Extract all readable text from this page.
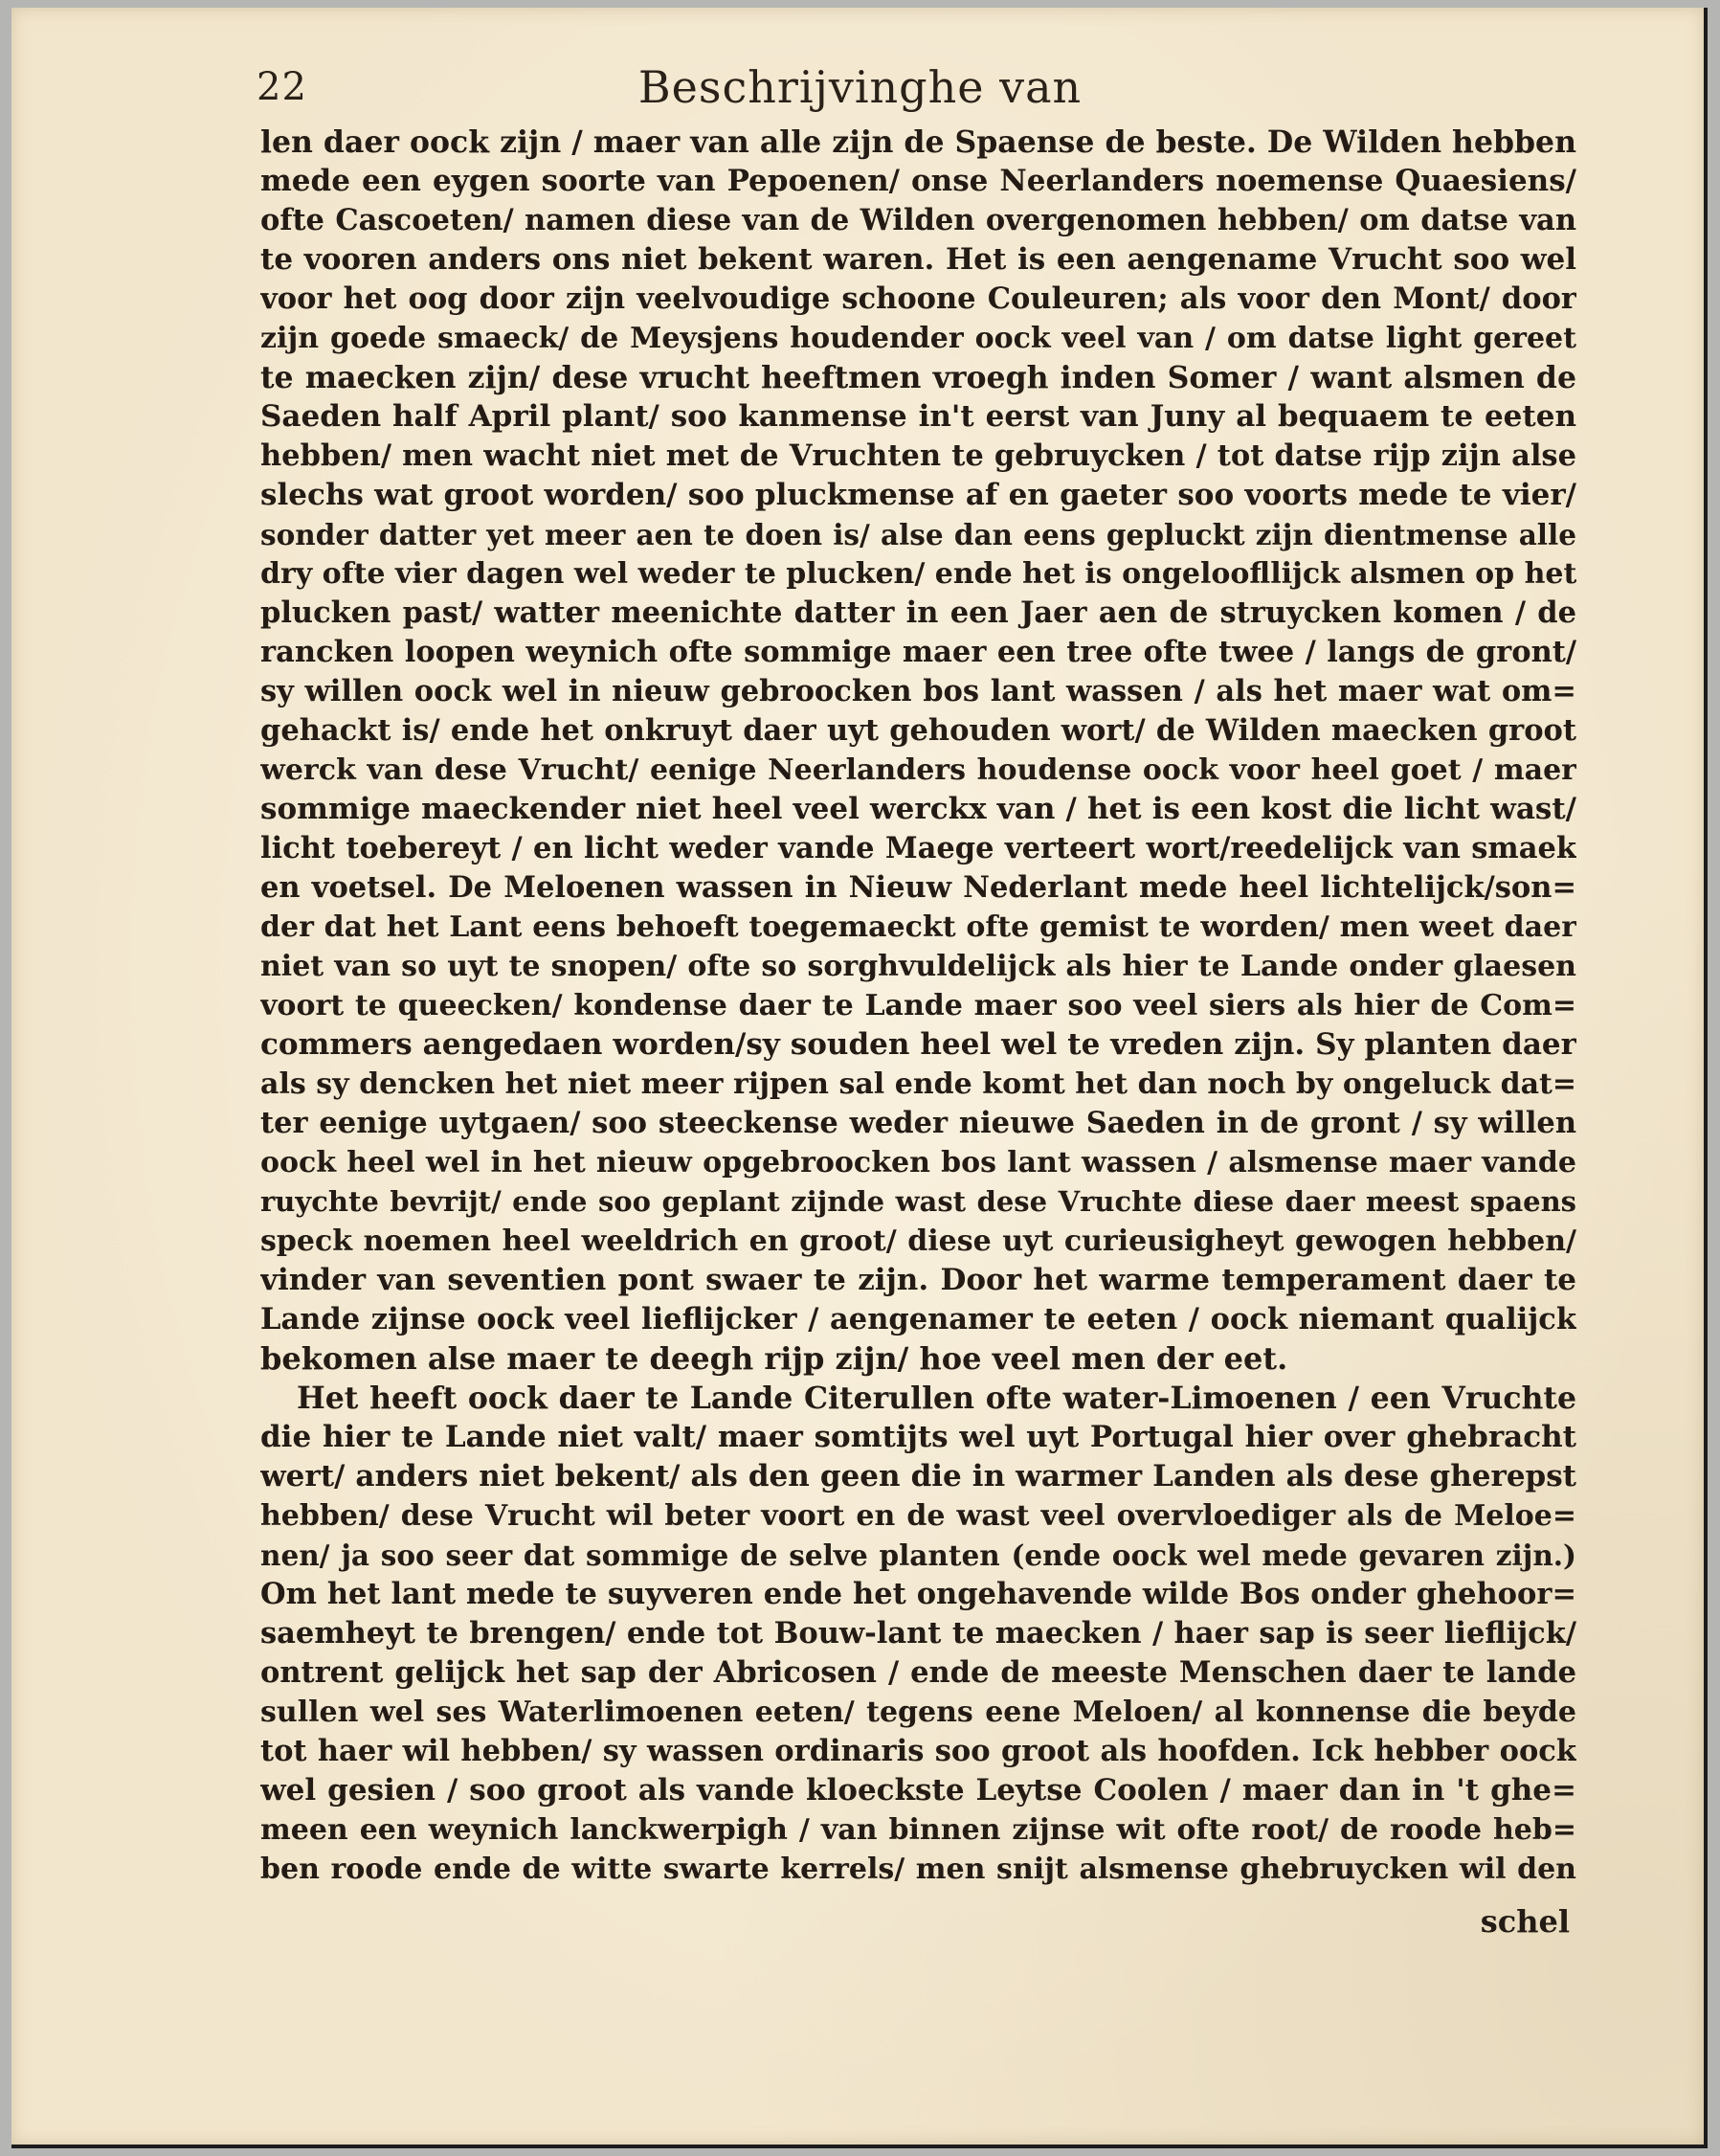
22	Beschrijvinghe van
len daer oock zijn / maer van alle zijn de Spaense de beste. De Wilden hebben
mede een eygen soorte van Pepoenen/ onse Neerlanders noemense Quaesiens/
ofte Cascoeten/ namen diese van de Wilden overgenomen hebben/ om datse van
te vooren anders ons niet bekent waren. Het is een aengename Vrucht soo wel
voor het oog door zijn veelvoudige schoone Couleuren; als voor den Mont/ door
zijn goede smaeck/ de Meysjens houdender oock veel van / om datse light gereet
te maecken zijn/ dese vrucht heeftmen vroegh inden Somer / want alsmen de
Saeden half April plant/ soo kanmense in't eerst van Juny al bequaem te eeten
hebben/ men wacht niet met de Vruchten te gebruycken / tot datse rijp zijn alse
slechs wat groot worden/ soo pluckmense af en gaeter soo voorts mede te vier/
sonder datter yet meer aen te doen is/ alse dan eens gepluckt zijn dientmense alle
dry ofte vier dagen wel weder te plucken/ ende het is ongeloofllijck alsmen op het
plucken past/ watter meenichte datter in een Jaer aen de struycken komen / de
rancken loopen weynich ofte sommige maer een tree ofte twee / langs de gront/
sy willen oock wel in nieuw gebroocken bos lant wassen / als het maer wat om=
gehackt is/ ende het onkruyt daer uyt gehouden wort/ de Wilden maecken groot
werck van dese Vrucht/ eenige Neerlanders houdense oock voor heel goet / maer
sommige maeckender niet heel veel werckx van / het is een kost die licht wast/
licht toebereyt / en licht weder vande Maege verteert wort/reedelijck van smaek
en voetsel. De Meloenen wassen in Nieuw Nederlant mede heel lichtelijck/son=
der dat het Lant eens behoeft toegemaeckt ofte gemist te worden/ men weet daer
niet van so uyt te snopen/ ofte so sorghvuldelijck als hier te Lande onder glaesen
voort te queecken/ kondense daer te Lande maer soo veel siers als hier de Com=
commers aengedaen worden/sy souden heel wel te vreden zijn. Sy planten daer
als sy dencken het niet meer rijpen sal ende komt het dan noch by ongeluck dat=
ter eenige uytgaen/ soo steeckense weder nieuwe Saeden in de gront / sy willen
oock heel wel in het nieuw opgebroocken bos lant wassen / alsmense maer vande
ruychte bevrijt/ ende soo geplant zijnde wast dese Vruchte diese daer meest spaens
speck noemen heel weeldrich en groot/ diese uyt curieusigheyt gewogen hebben/
vinder van seventien pont swaer te zijn. Door het warme temperament daer te
Lande zijnse oock veel lieflijcker / aengenamer te eeten / oock niemant qualijck
bekomen alse maer te deegh rijp zijn/ hoe veel men der eet.
Het heeft oock daer te Lande Citerullen ofte water-Limoenen / een Vruchte
die hier te Lande niet valt/ maer somtijts wel uyt Portugal hier over ghebracht
wert/ anders niet bekent/ als den geen die in warmer Landen als dese gherepst
hebben/ dese Vrucht wil beter voort en de wast veel overvloediger als de Meloe=
nen/ ja soo seer dat sommige de selve planten (ende oock wel mede gevaren zijn.)
Om het lant mede te suyveren ende het ongehavende wilde Bos onder ghehoor=
saemheyt te brengen/ ende tot Bouw-lant te maecken / haer sap is seer lieflijck/
ontrent gelijck het sap der Abricosen / ende de meeste Menschen daer te lande
sullen wel ses Waterlimoenen eeten/ tegens eene Meloen/ al konnense die beyde
tot haer wil hebben/ sy wassen ordinaris soo groot als hoofden. Ick hebber oock
wel gesien / soo groot als vande kloeckste Leytse Coolen / maer dan in 't ghe=
meen een weynich lanckwerpigh / van binnen zijnse wit ofte root/ de roode heb=
ben roode ende de witte swarte kerrels/ men snijt alsmense ghebruycken wil den
schel
